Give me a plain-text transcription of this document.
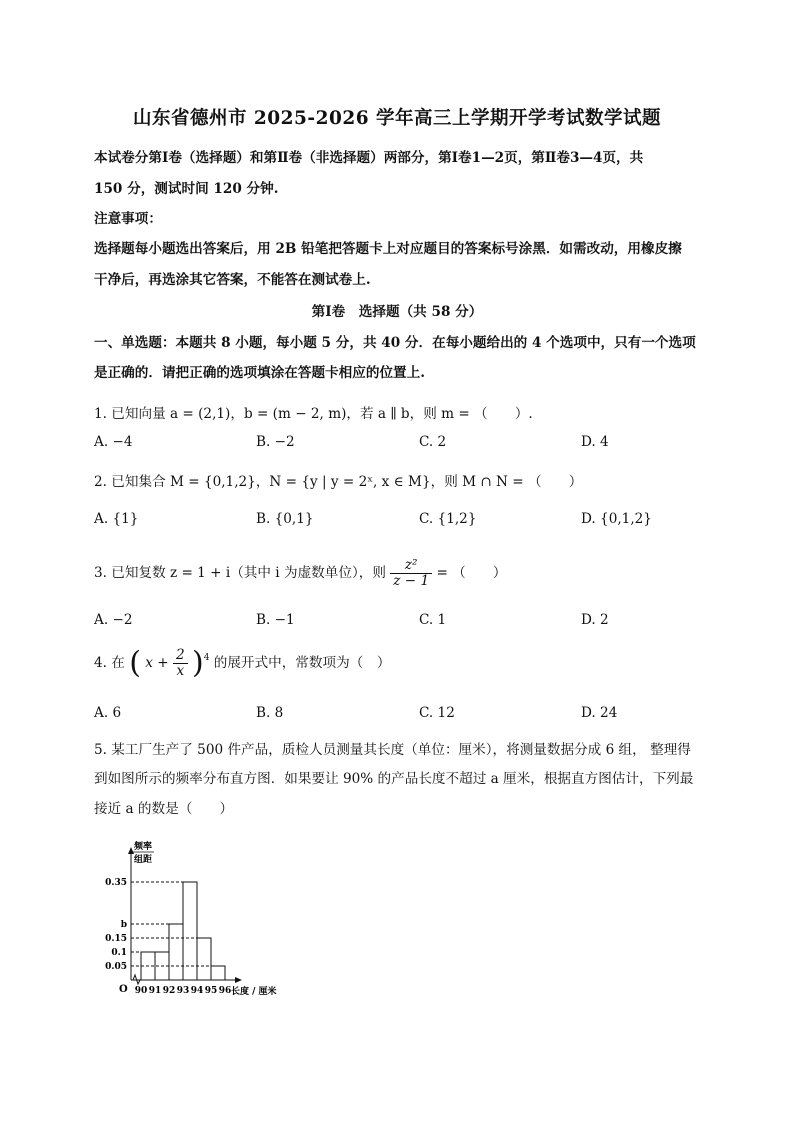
山东省德州市 2025-2026 学年高三上学期开学考试数学试题
本试卷分第Ⅰ卷（选择题）和第Ⅱ卷（非选择题）两部分，第Ⅰ卷1—2页，第Ⅱ卷3—4页，共
150 分，测试时间 120 分钟.
注意事项：
选择题每小题选出答案后，用 2B 铅笔把答题卡上对应题目的答案标号涂黑．如需改动，用橡皮擦
干净后，再选涂其它答案，不能答在测试卷上.
第Ⅰ卷　选择题（共 58 分）
一、单选题：本题共 8 小题，每小题 5 分，共 40 分．在每小题给出的 4 个选项中，只有一个选项
是正确的．请把正确的选项填涂在答题卡相应的位置上.
1. 已知向量 a = (2,1)，b = (m − 2, m)，若 a ∥ b，则 m = （　　）.
A. −4	B. −2	C. 2	D. 4
2. 已知集合 M = {0,1,2}，N = {y | y = 2ˣ, x ∈ M}，则 M ∩ N = （　　）
A. {1}	B. {0,1}	C. {1,2}	D. {0,1,2}
3. 已知复数 z = 1 + i（其中 i 为虚数单位），则 $\frac{\text{z²}}{z - 1}$ = （　　）
A. −2	B. −1	C. 1	D. 2
4. 在 ( $x + \frac{2}{x} )^4$ 的展开式中，常数项为（　）
A. 6	B. 8	C. 12	D. 24
5. 某工厂生产了 500 件产品，质检人员测量其长度（单位：厘米），将测量数据分成 6 组， 整理得
到如图所示的频率分布直方图．如果要让 90% 的产品长度不超过 a 厘米，根据直方图估计，下列最
接近 a 的数是（　　）
频率
组距
长度 / 厘米
O
0.35
b
0.15
0.1
0.05
90 91 92 93 94 95 96
